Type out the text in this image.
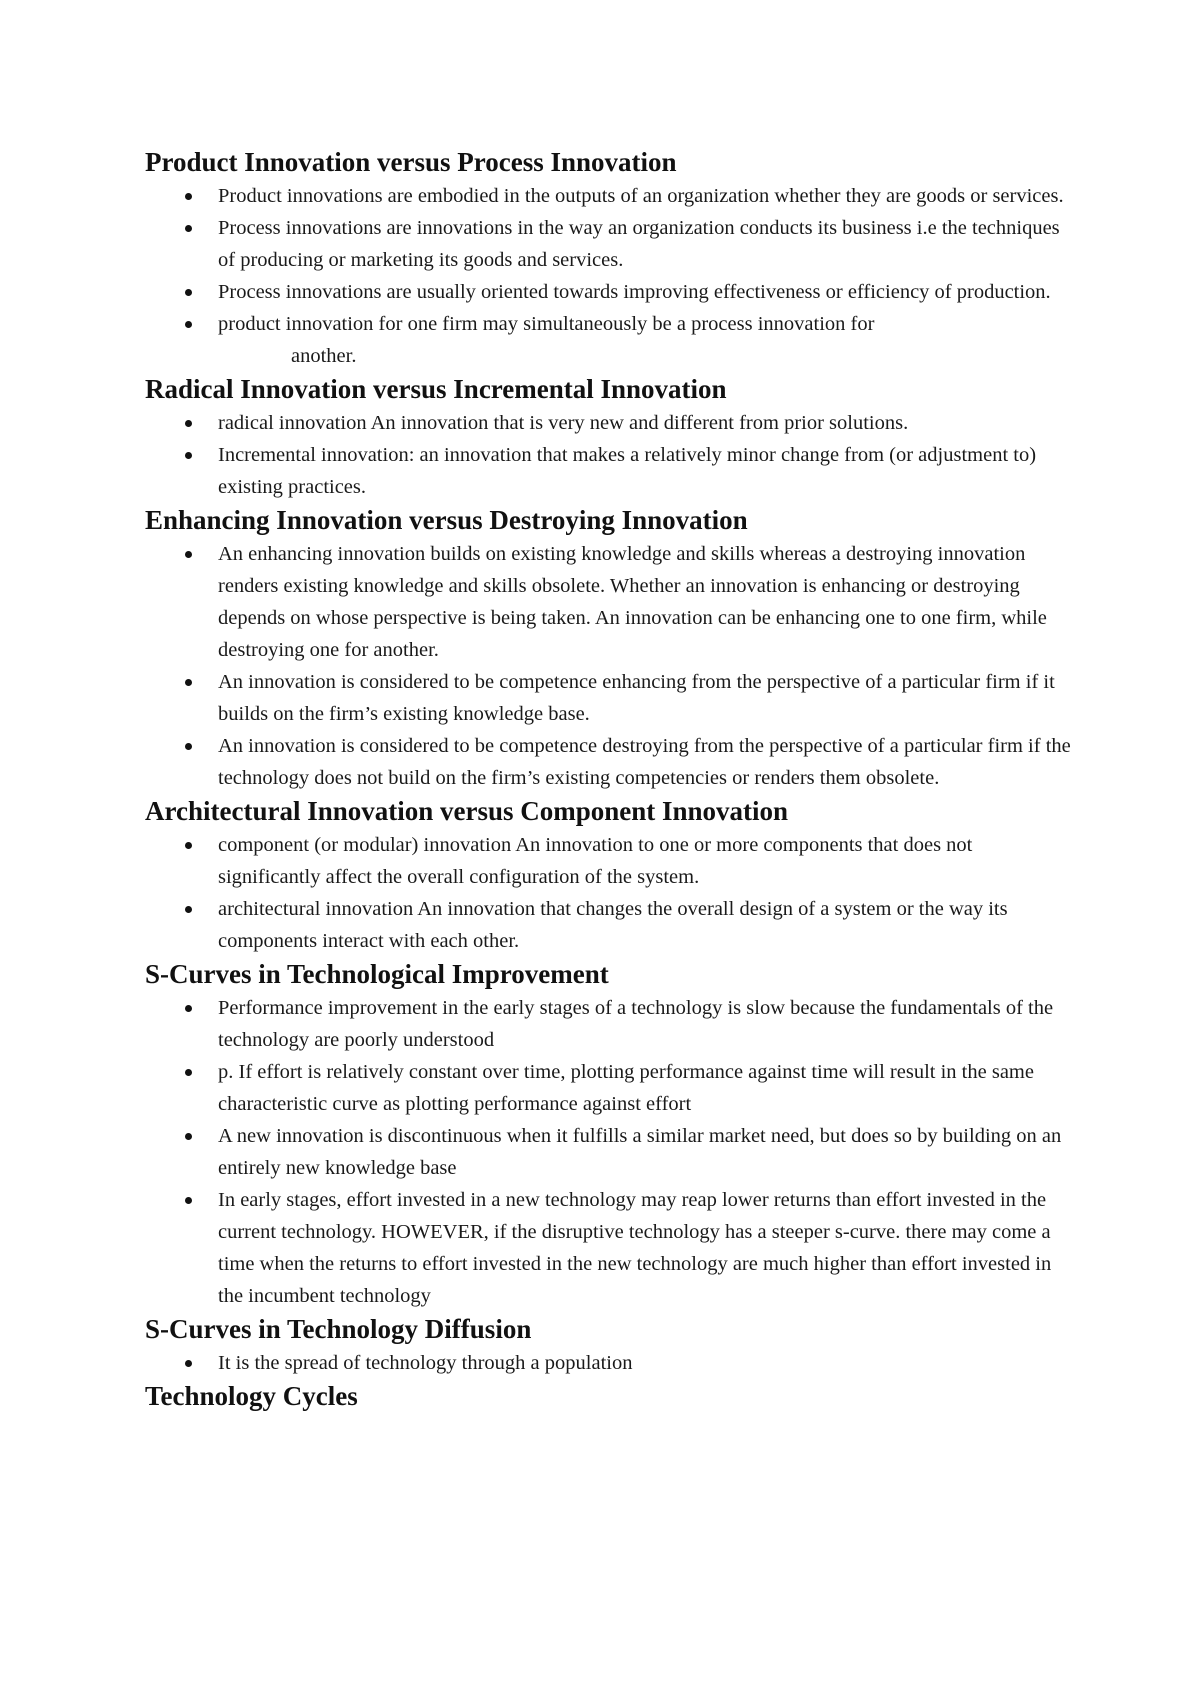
Product Innovation versus Process Innovation
Product innovations are embodied in the outputs of an organization whether they are goods or services.
Process innovations are innovations in the way an organization conducts its business i.e the techniques of producing or marketing its goods and services.
Process innovations are usually oriented towards improving effectiveness or efficiency of production.
product innovation for one firm may simultaneously be a process innovation for
another.
Radical Innovation versus Incremental Innovation
radical innovation An innovation that is very new and different from prior solutions.
Incremental innovation: an innovation that makes a relatively minor change from (or adjustment to) existing practices.
Enhancing Innovation versus Destroying Innovation
An enhancing innovation builds on existing knowledge and skills whereas a destroying innovation renders existing knowledge and skills obsolete. Whether an innovation is enhancing or destroying depends on whose perspective is being taken. An innovation can be enhancing one to one firm, while destroying one for another.
An innovation is considered to be competence enhancing from the perspective of a particular firm if it builds on the firm’s existing knowledge base.
An innovation is considered to be competence destroying from the perspective of a particular firm if the technology does not build on the firm’s existing competencies or renders them obsolete.
Architectural Innovation versus Component Innovation
component (or modular) innovation An innovation to one or more components that does not significantly affect the overall configuration of the system.
architectural innovation An innovation that changes the overall design of a system or the way its components interact with each other.
S-Curves in Technological Improvement
Performance improvement in the early stages of a technology is slow because the fundamentals of the technology are poorly understood
p. If effort is relatively constant over time, plotting performance against time will result in the same characteristic curve as plotting performance against effort
A new innovation is discontinuous when it fulfills a similar market need, but does so by building on an entirely new knowledge base
In early stages, effort invested in a new technology may reap lower returns than effort invested in the current technology. HOWEVER, if the disruptive technology has a steeper s-curve. there may come a time when the returns to effort invested in the new technology are much higher than effort invested in the incumbent technology
S-Curves in Technology Diffusion
It is the spread of technology through a population
Technology Cycles
